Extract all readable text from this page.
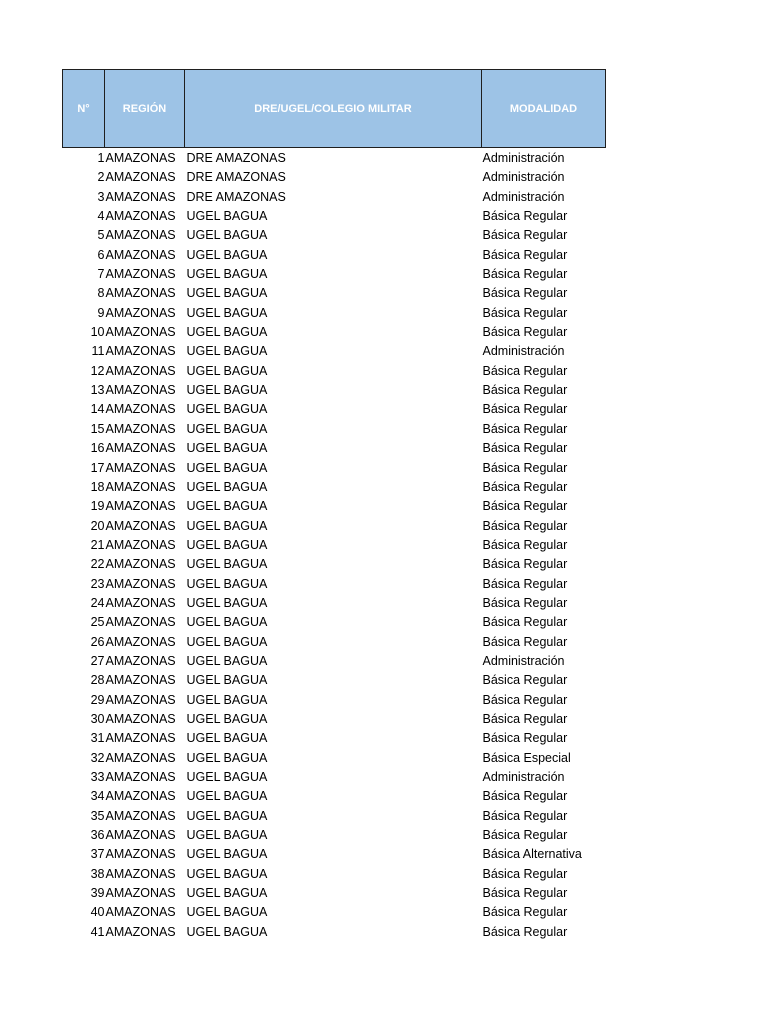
N°	REGIÓN	DRE/UGEL/COLEGIO MILITAR	MODALIDAD
1	AMAZONAS	DRE AMAZONAS	Administración
2	AMAZONAS	DRE AMAZONAS	Administración
3	AMAZONAS	DRE AMAZONAS	Administración
4	AMAZONAS	UGEL BAGUA	Básica Regular
5	AMAZONAS	UGEL BAGUA	Básica Regular
6	AMAZONAS	UGEL BAGUA	Básica Regular
7	AMAZONAS	UGEL BAGUA	Básica Regular
8	AMAZONAS	UGEL BAGUA	Básica Regular
9	AMAZONAS	UGEL BAGUA	Básica Regular
10	AMAZONAS	UGEL BAGUA	Básica Regular
11	AMAZONAS	UGEL BAGUA	Administración
12	AMAZONAS	UGEL BAGUA	Básica Regular
13	AMAZONAS	UGEL BAGUA	Básica Regular
14	AMAZONAS	UGEL BAGUA	Básica Regular
15	AMAZONAS	UGEL BAGUA	Básica Regular
16	AMAZONAS	UGEL BAGUA	Básica Regular
17	AMAZONAS	UGEL BAGUA	Básica Regular
18	AMAZONAS	UGEL BAGUA	Básica Regular
19	AMAZONAS	UGEL BAGUA	Básica Regular
20	AMAZONAS	UGEL BAGUA	Básica Regular
21	AMAZONAS	UGEL BAGUA	Básica Regular
22	AMAZONAS	UGEL BAGUA	Básica Regular
23	AMAZONAS	UGEL BAGUA	Básica Regular
24	AMAZONAS	UGEL BAGUA	Básica Regular
25	AMAZONAS	UGEL BAGUA	Básica Regular
26	AMAZONAS	UGEL BAGUA	Básica Regular
27	AMAZONAS	UGEL BAGUA	Administración
28	AMAZONAS	UGEL BAGUA	Básica Regular
29	AMAZONAS	UGEL BAGUA	Básica Regular
30	AMAZONAS	UGEL BAGUA	Básica Regular
31	AMAZONAS	UGEL BAGUA	Básica Regular
32	AMAZONAS	UGEL BAGUA	Básica Especial
33	AMAZONAS	UGEL BAGUA	Administración
34	AMAZONAS	UGEL BAGUA	Básica Regular
35	AMAZONAS	UGEL BAGUA	Básica Regular
36	AMAZONAS	UGEL BAGUA	Básica Regular
37	AMAZONAS	UGEL BAGUA	Básica Alternativa
38	AMAZONAS	UGEL BAGUA	Básica Regular
39	AMAZONAS	UGEL BAGUA	Básica Regular
40	AMAZONAS	UGEL BAGUA	Básica Regular
41	AMAZONAS	UGEL BAGUA	Básica Regular
